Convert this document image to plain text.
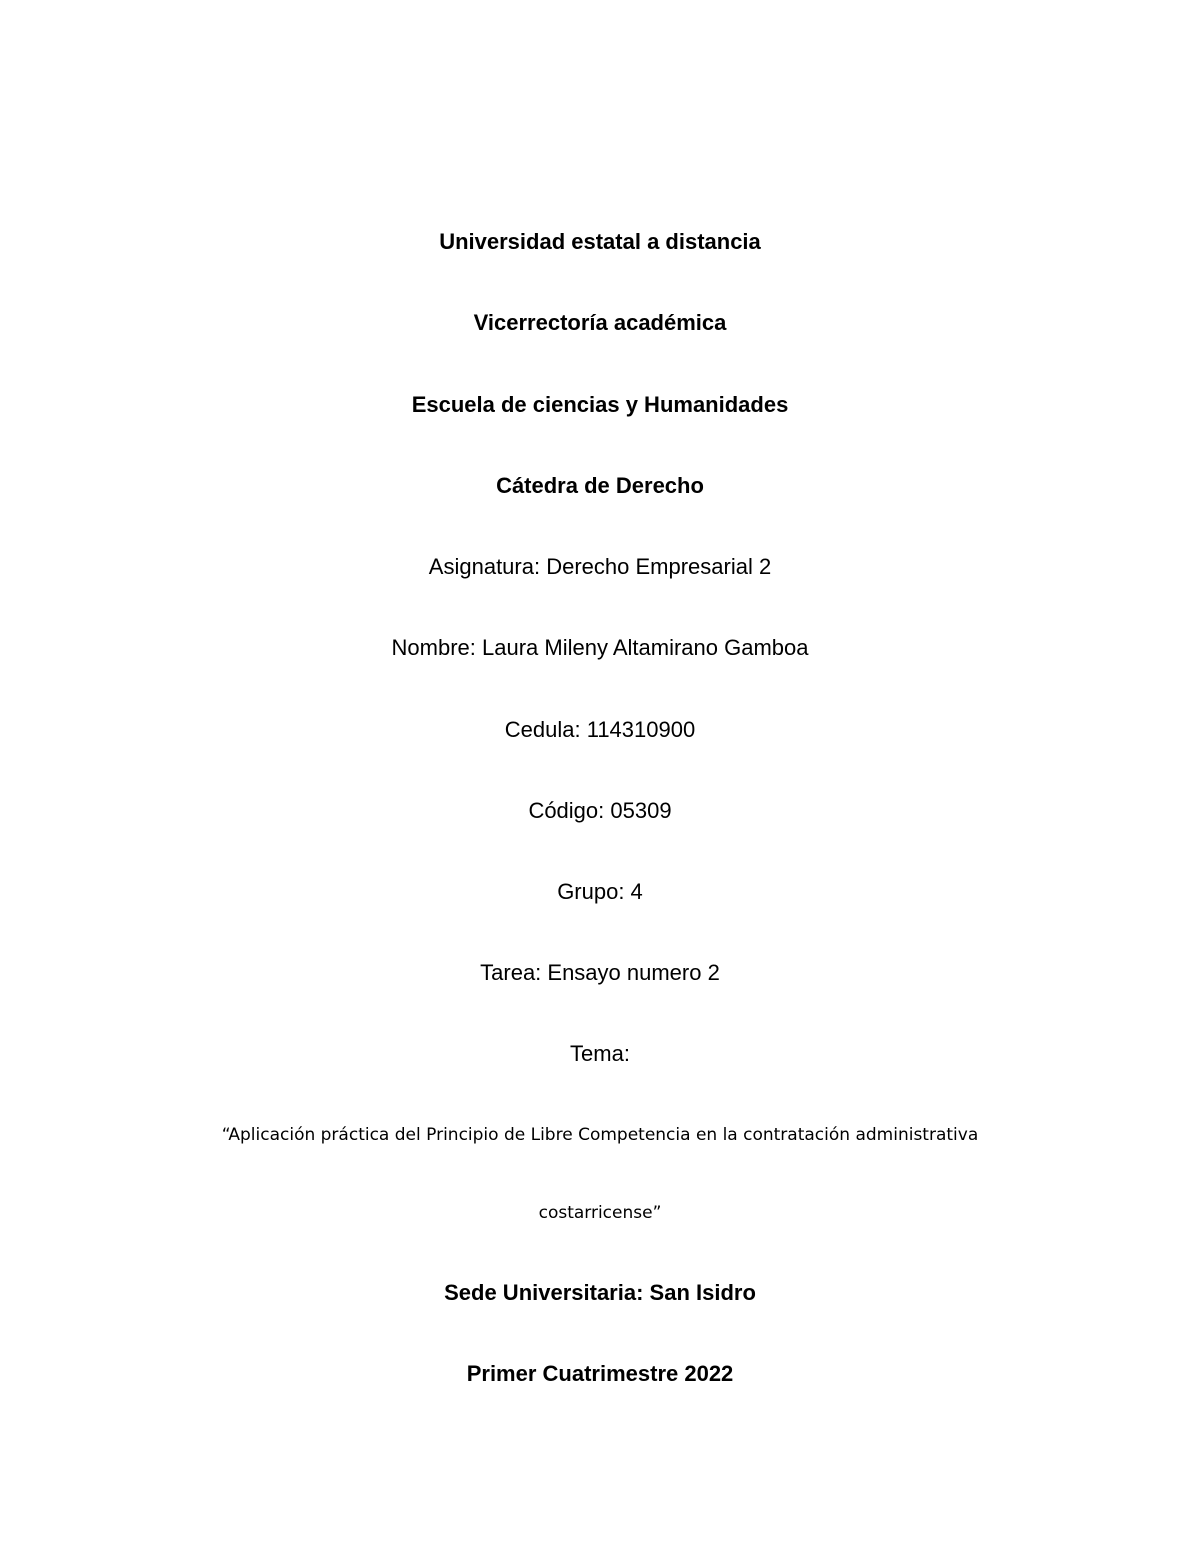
Universidad estatal a distancia
Vicerrectoría académica
Escuela de ciencias y Humanidades
Cátedra de Derecho
Asignatura: Derecho Empresarial 2
Nombre: Laura Mileny Altamirano Gamboa
Cedula: 114310900
Código: 05309
Grupo: 4
Tarea: Ensayo numero 2
Tema:
“Aplicación práctica del Principio de Libre Competencia en la contratación administrativa
costarricense”
Sede Universitaria: San Isidro
Primer Cuatrimestre 2022
